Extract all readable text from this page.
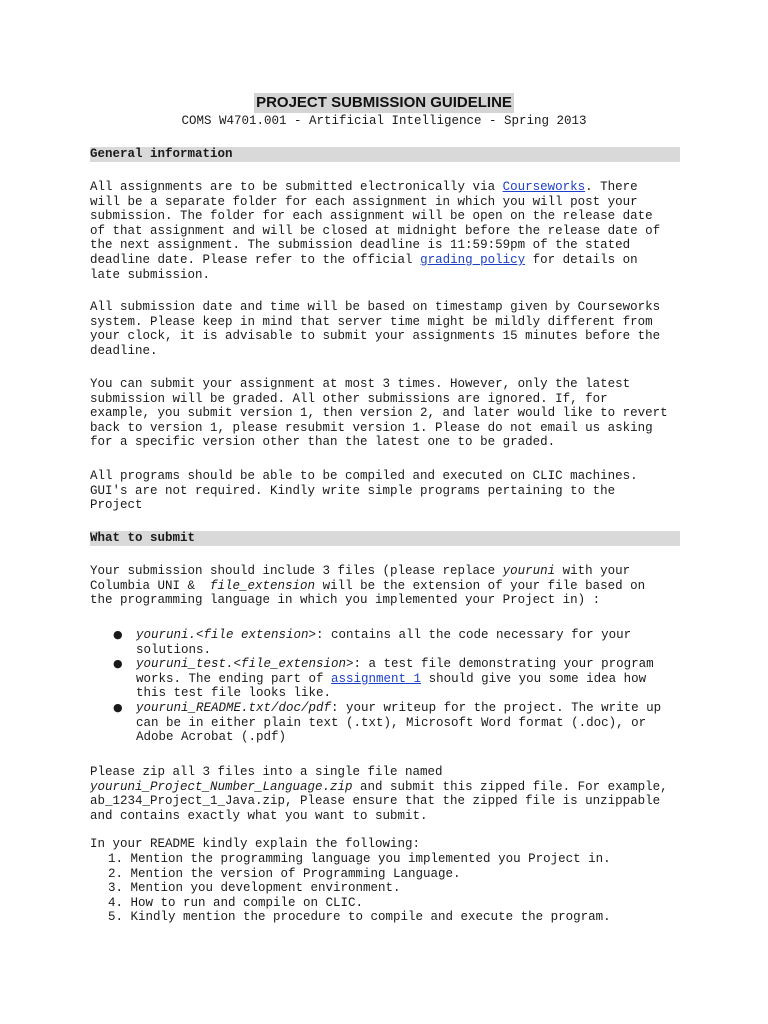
PROJECT SUBMISSION GUIDELINE
COMS W4701.001 - Artificial Intelligence - Spring 2013
General information
All assignments are to be submitted electronically via Courseworks. There
will be a separate folder for each assignment in which you will post your
submission. The folder for each assignment will be open on the release date
of that assignment and will be closed at midnight before the release date of
the next assignment. The submission deadline is 11:59:59pm of the stated
deadline date. Please refer to the official grading policy for details on
late submission.
All submission date and time will be based on timestamp given by Courseworks
system. Please keep in mind that server time might be mildly different from
your clock, it is advisable to submit your assignments 15 minutes before the
deadline.
You can submit your assignment at most 3 times. However, only the latest
submission will be graded. All other submissions are ignored. If, for
example, you submit version 1, then version 2, and later would like to revert
back to version 1, please resubmit version 1. Please do not email us asking
for a specific version other than the latest one to be graded.
All programs should be able to be compiled and executed on CLIC machines.
GUI's are not required. Kindly write simple programs pertaining to the
Project
What to submit
Your submission should include 3 files (please replace youruni with your
Columbia UNI &  file_extension will be the extension of your file based on
the programming language in which you implemented your Project in) :
● youruni.<file extension>: contains all the code necessary for your
solutions.
● youruni_test.<file_extension>: a test file demonstrating your program
works. The ending part of assignment 1 should give you some idea how
this test file looks like.
● youruni_README.txt/doc/pdf: your writeup for the project. The write up
can be in either plain text (.txt), Microsoft Word format (.doc), or
Adobe Acrobat (.pdf)
Please zip all 3 files into a single file named
youruni_Project_Number_Language.zip and submit this zipped file. For example,
ab_1234_Project_1_Java.zip, Please ensure that the zipped file is unzippable
and contains exactly what you want to submit.
In your README kindly explain the following:
1. Mention the programming language you implemented you Project in.
2. Mention the version of Programming Language.
3. Mention you development environment.
4. How to run and compile on CLIC.
5. Kindly mention the procedure to compile and execute the program.
